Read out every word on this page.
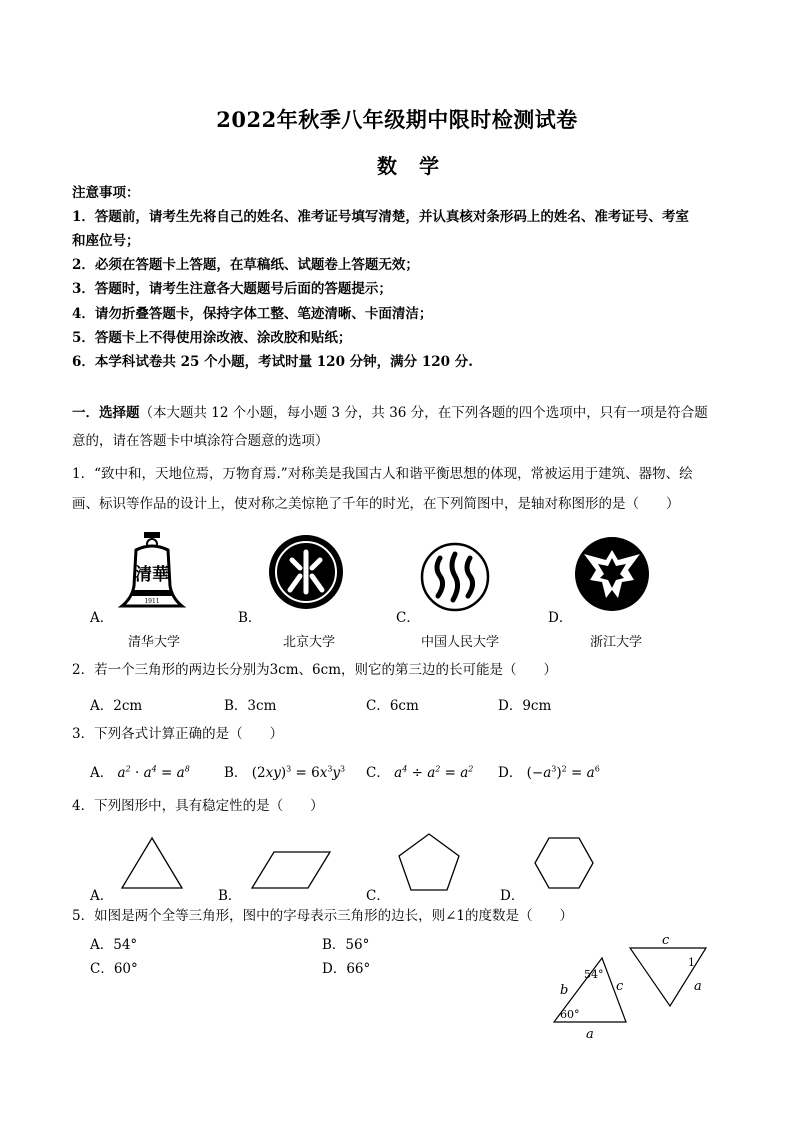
2022年秋季八年级期中限时检测试卷
数学
注意事项：
1．答题前，请考生先将自己的姓名、准考证号填写清楚，并认真核对条形码上的姓名、准考证号、考室
和座位号；
2．必须在答题卡上答题，在草稿纸、试题卷上答题无效；
3．答题时，请考生注意各大题题号后面的答题提示；
4．请勿折叠答题卡，保持字体工整、笔迹清晰、卡面清洁；
5．答题卡上不得使用涂改液、涂改胶和贴纸；
6．本学科试卷共 25 个小题，考试时量 120 分钟，满分 120 分.
一．选择题（本大题共 12 个小题，每小题 3 分，共 36 分，在下列各题的四个选项中，只有一项是符合题
意的，请在答题卡中填涂符合题意的选项）
1．“致中和，天地位焉，万物育焉.”对称美是我国古人和谐平衡思想的体现，常被运用于建筑、器物、绘
画、标识等作品的设计上，使对称之美惊艳了千年的时光，在下列简图中，是轴对称图形的是（　　）
清華
1911
A．	B．	C．	D．
清华大学	北京大学	中国人民大学	浙江大学
2．若一个三角形的两边长分别为3cm、6cm，则它的第三边的长可能是（　　）
A．2cm	B．3cm	C．6cm	D．9cm
3．下列各式计算正确的是（　　）
A． $a^2 \cdot a^4 = a^8$	B． $(2xy)^3 = 6x^3y^3$ C． $a^4 \div a^2 = a^2$ D． $(-a^3)^2 = a^6$
4．下列图形中，具有稳定性的是（　　）
A．	B．	C．	D．
5．如图是两个全等三角形，图中的字母表示三角形的边长，则∠1的度数是（　　）
A．54°	B．56°
C．60°	D．66°	54°
60°
b	c
a
c
1
a
